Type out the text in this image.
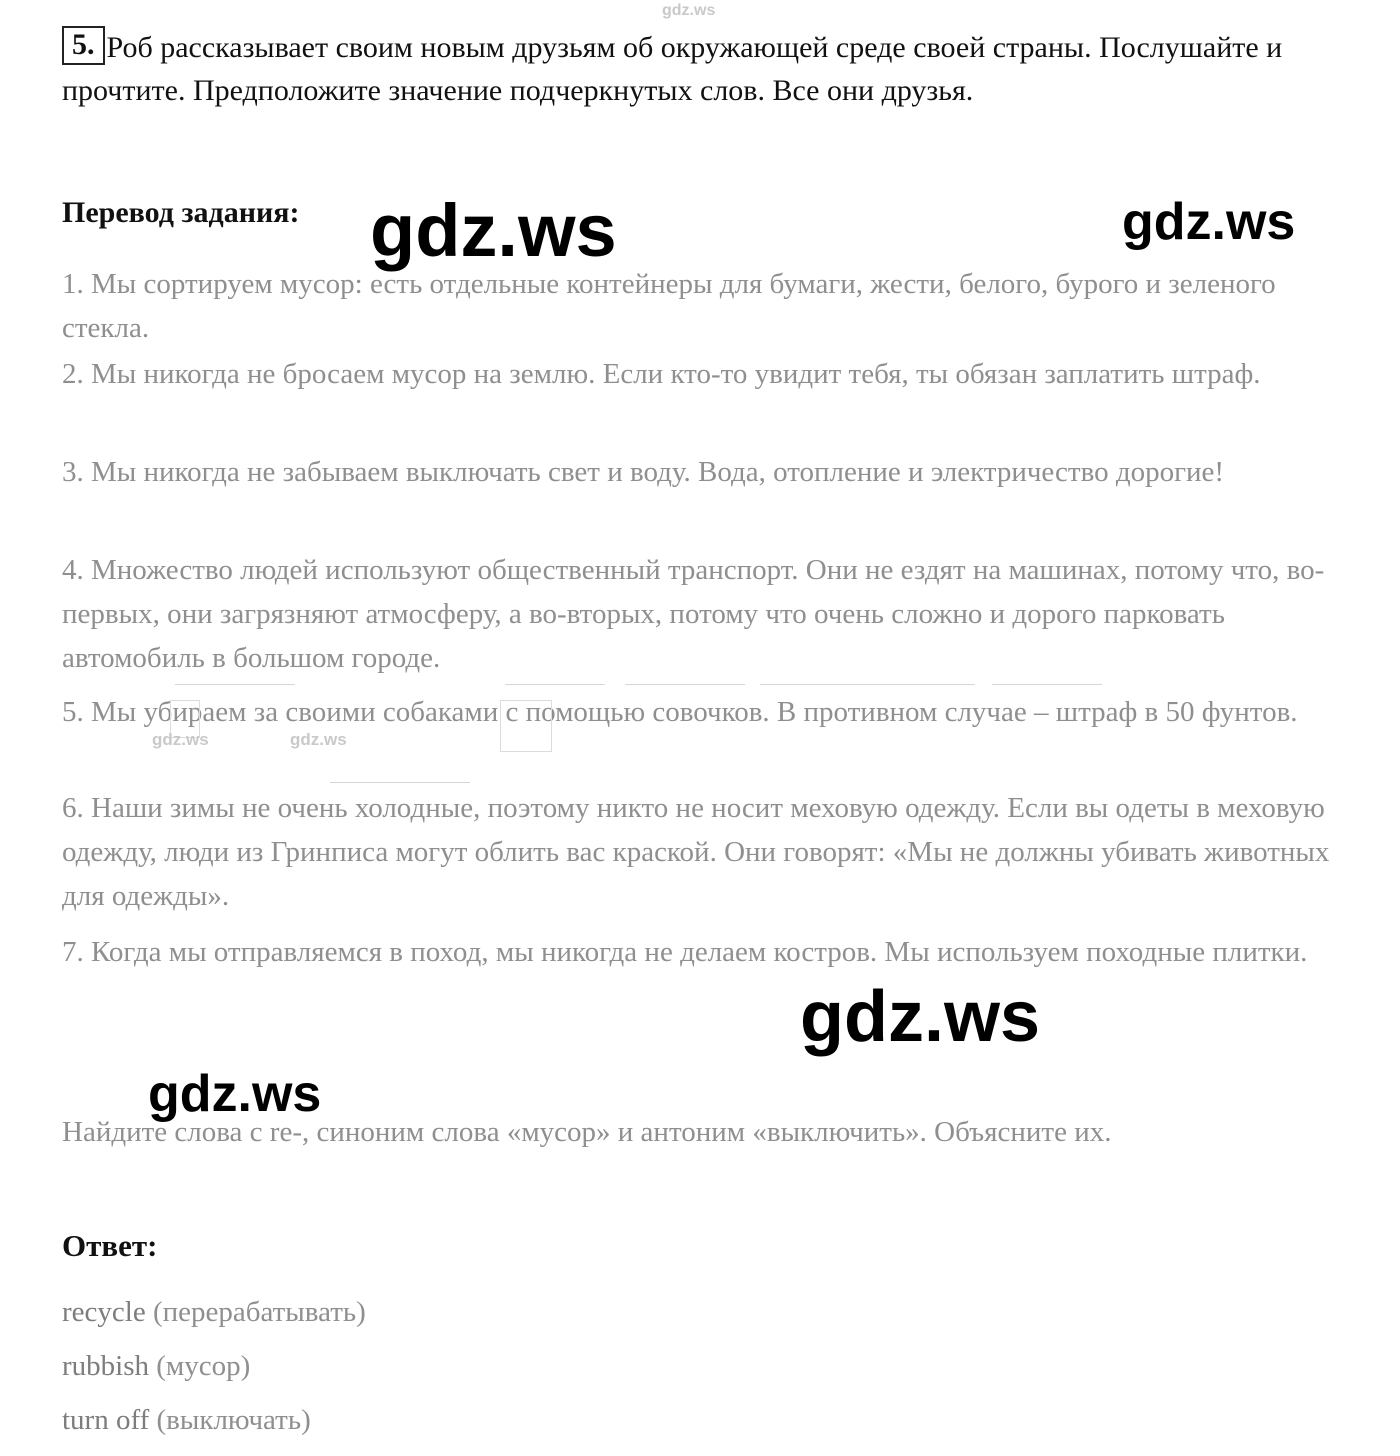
gdz.ws
5. Роб рассказывает своим новым друзьям об окружающей среде своей страны. Послушайте и прочтите. Предположите значение подчеркнутых слов. Все они друзья.
Перевод задания: gdz.ws	gdz.ws
1. Мы сортируем мусор: есть отдельные контейнеры для бумаги, жести, белого, бурого и зеленого стекла.
2. Мы никогда не бросаем мусор на землю. Если кто-то увидит тебя, ты обязан заплатить штраф.
3. Мы никогда не забываем выключать свет и воду. Вода, отопление и электричество дорогие!
4. Множество людей используют общественный транспорт. Они не ездят на машинах, потому что, во-первых, они загрязняют атмосферу, а во-вторых, потому что очень сложно и дорого парковать автомобиль в большом городе.
5. Мы убираем за своими собаками с помощью совочков. В противном случае – штраф в 50 фунтов.
6. Наши зимы не очень холодные, поэтому никто не носит меховую одежду. Если вы одеты в меховую одежду, люди из Гринписа могут облить вас краской. Они говорят: «Мы не должны убивать животных для одежды».
7. Когда мы отправляемся в поход, мы никогда не делаем костров. Мы используем походные плитки.
gdz.ws	gdz.ws
gdz.ws
gdz.ws
Найдите слова с re-, синоним слова «мусор» и антоним «выключить». Объясните их.
Ответ:
recycle (перерабатывать)
rubbish (мусор)
turn off (выключать)
